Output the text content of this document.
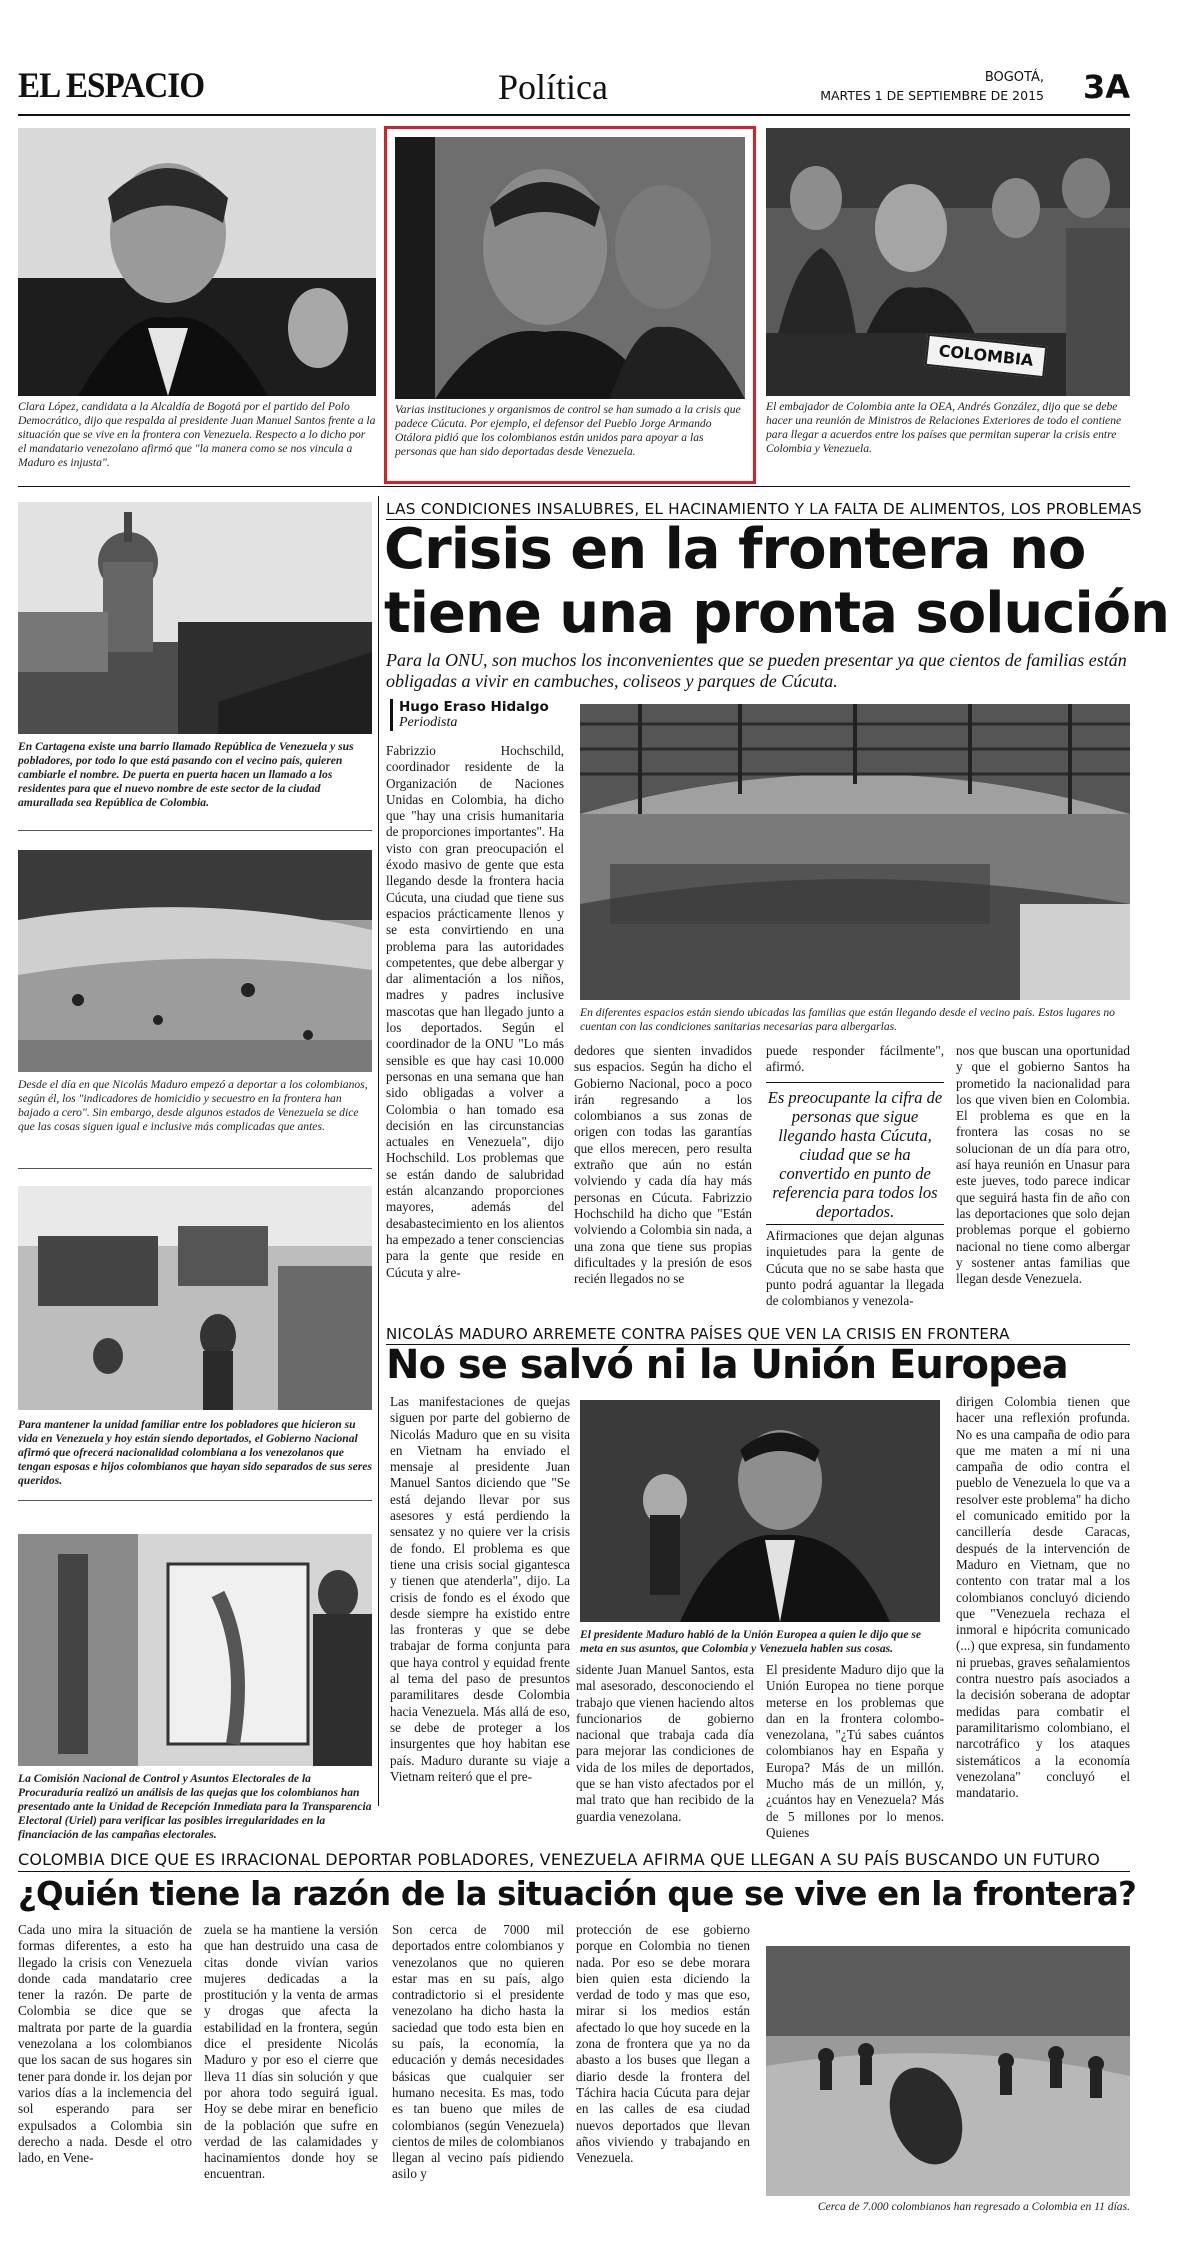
EL ESPACIO	Política	BOGOTÁ,
MARTES 1 DE SEPTIEMBRE DE 2015 3A
Clara López, candidata a la Alcaldía de Bogotá por el partido del Polo Democrático, dijo que respalda al presidente Juan Manuel Santos frente a la situación que se vive en la frontera con Venezuela. Respecto a lo dicho por el mandatario venezolano afirmó que "la manera como se nos vincula a Maduro es injusta".
Varias instituciones y organismos de control se han sumado a la crisis que padece Cúcuta. Por ejemplo, el defensor del Pueblo Jorge Armando Otálora pidió que los colombianos están unidos para apoyar a las personas que han sido deportadas desde Venezuela.
COLOMBIA
El embajador de Colombia ante la OEA, Andrés González, dijo que se debe hacer una reunión de Ministros de Relaciones Exteriores de todo el contiene para llegar a acuerdos entre los países que permitan superar la crisis entre Colombia y Venezuela.
En Cartagena existe una barrio llamado República de Venezuela y sus pobladores, por todo lo que está pasando con el vecino país, quieren cambiarle el nombre. De puerta en puerta hacen un llamado a los residentes para que el nuevo nombre de este sector de la ciudad amurallada sea República de Colombia.
Desde el día en que Nicolás Maduro empezó a deportar a los colombianos, según él, los "indicadores de homicidio y secuestro en la frontera han bajado a cero". Sin embargo, desde algunos estados de Venezuela se dice que las cosas siguen igual e inclusive más complicadas que antes.
Para mantener la unidad familiar entre los pobladores que hicieron su vida en Venezuela y hoy están siendo deportados, el Gobierno Nacional afirmó que ofrecerá nacionalidad colombiana a los venezolanos que tengan esposas e hijos colombianos que hayan sido separados de sus seres queridos.
La Comisión Nacional de Control y Asuntos Electorales de la Procuraduría realizó un análisis de las quejas que los colombianos han presentado ante la Unidad de Recepción Inmediata para la Transparencia Electoral (Uriel) para verificar las posibles irregularidades en la financiación de las campañas electorales.
LAS CONDICIONES INSALUBRES, EL HACINAMIENTO Y LA FALTA DE ALIMENTOS, LOS PROBLEMAS
Crisis en la frontera no
tiene una pronta solución
Para la ONU, son muchos los inconvenientes que se pueden presentar ya que cientos de familias están obligadas a vivir en cambuches, coliseos y parques de Cúcuta.
Hugo Eraso Hidalgo
Periodista
Fabrizzio Hochschild, coordinador residente de la Organización de Naciones Unidas en Colombia, ha dicho que "hay una crisis humanitaria de proporciones importantes". Ha visto con gran preocupación el éxodo masivo de gente que esta llegando desde la frontera hacia Cúcuta, una ciudad que tiene sus espacios prácticamente llenos y se esta convirtiendo en una problema para las autoridades competentes, que debe albergar y dar alimentación a los niños, madres y padres inclusive mascotas que han llegado junto a los deportados. Según el coordinador de la ONU "Lo más sensible es que hay casi 10.000 personas en una semana que han sido obligadas a volver a Colombia o han tomado esa decisión en las circunstancias actuales en Venezuela", dijo Hochschild. Los problemas que se están dando de salubridad están alcanzando proporciones mayores, además del desabastecimiento en los alientos ha empezado a tener consciencias para la gente que reside en Cúcuta y alre-
En diferentes espacios están siendo ubicadas las familias que están llegando desde el vecino país. Estos lugares no cuentan con las condiciones sanitarias necesarias para albergarlas.
dedores que sienten invadidos sus espacios. Según ha dicho el Gobierno Nacional, poco a poco irán regresando a los colombianos a sus zonas de origen con todas las garantías que ellos merecen, pero resulta extraño que aún no están volviendo y cada día hay más personas en Cúcuta. Fabrizzio Hochschild ha dicho que "Están volviendo a Colombia sin nada, a una zona que tiene sus propias dificultades y la presión de esos recién llegados no se
puede responder fácilmente", afirmó.
Es preocupante la cifra de personas que sigue llegando hasta Cúcuta, ciudad que se ha convertido en punto de referencia para todos los deportados.
Afirmaciones que dejan algunas inquietudes para la gente de Cúcuta que no se sabe hasta que punto podrá aguantar la llegada de colombianos y venezola-
nos que buscan una oportunidad y que el gobierno Santos ha prometido la nacionalidad para los que viven bien en Colombia. El problema es que en la frontera las cosas no se solucionan de un día para otro, así haya reunión en Unasur para este jueves, todo parece indicar que seguirá hasta fin de año con las deportaciones que solo dejan problemas porque el gobierno nacional no tiene como albergar y sostener antas familias que llegan desde Venezuela.
NICOLÁS MADURO ARREMETE CONTRA PAÍSES QUE VEN LA CRISIS EN FRONTERA
No se salvó ni la Unión Europea
Las manifestaciones de quejas siguen por parte del gobierno de Nicolás Maduro que en su visita en Vietnam ha enviado el mensaje al presidente Juan Manuel Santos diciendo que "Se está dejando llevar por sus asesores y está perdiendo la sensatez y no quiere ver la crisis de fondo. El problema es que tiene una crisis social gigantesca y tienen que atenderla", dijo. La crisis de fondo es el éxodo que desde siempre ha existido entre las fronteras y que se debe trabajar de forma conjunta para que haya control y equidad frente al tema del paso de presuntos paramilitares desde Colombia hacia Venezuela. Más allá de eso, se debe de proteger a los insurgentes que hoy habitan ese país. Maduro durante su viaje a Vietnam reiteró que el pre-
El presidente Maduro habló de la Unión Europea a quien le dijo que se meta en sus asuntos, que Colombia y Venezuela hablen sus cosas.
sidente Juan Manuel Santos, esta mal asesorado, desconociendo el trabajo que vienen haciendo altos funcionarios de gobierno nacional que trabaja cada día para mejorar las condiciones de vida de los miles de deportados, que se han visto afectados por el mal trato que han recibido de la guardia venezolana.
El presidente Maduro dijo que la Unión Europea no tiene porque meterse en los problemas que dan en la frontera colombo-venezolana, "¿Tú sabes cuántos colombianos hay en España y Europa? Más de un millón. Mucho más de un millón, y, ¿cuántos hay en Venezuela? Más de 5 millones por lo menos. Quienes
dirigen Colombia tienen que hacer una reflexión profunda. No es una campaña de odio para que me maten a mí ni una campaña de odio contra el pueblo de Venezuela lo que va a resolver este problema" ha dicho el comunicado emitido por la cancillería desde Caracas, después de la intervención de Maduro en Vietnam, que no contento con tratar mal a los colombianos concluyó diciendo que "Venezuela rechaza el inmoral e hipócrita comunicado (...) que expresa, sin fundamento ni pruebas, graves señalamientos contra nuestro país asociados a la decisión soberana de adoptar medidas para combatir el paramilitarismo colombiano, el narcotráfico y los ataques sistemáticos a la economía venezolana" concluyó el mandatario.
COLOMBIA DICE QUE ES IRRACIONAL DEPORTAR POBLADORES, VENEZUELA AFIRMA QUE LLEGAN A SU PAÍS BUSCANDO UN FUTURO
¿Quién tiene la razón de la situación que se vive en la frontera?
Cada uno mira la situación de formas diferentes, a esto ha llegado la crisis con Venezuela donde cada mandatario cree tener la razón. De parte de Colombia se dice que se maltrata por parte de la guardia venezolana a los colombianos que los sacan de sus hogares sin tener para donde ir. los dejan por varios días a la inclemencia del sol esperando para ser expulsados a Colombia sin derecho a nada. Desde el otro lado, en Vene-
zuela se ha mantiene la versión que han destruido una casa de citas donde vivían varios mujeres dedicadas a la prostitución y la venta de armas y drogas que afecta la estabilidad en la frontera, según dice el presidente Nicolás Maduro y por eso el cierre que lleva 11 días sin solución y que por ahora todo seguirá igual. Hoy se debe mirar en beneficio de la población que sufre en verdad de las calamidades y hacinamientos donde hoy se encuentran.
Son cerca de 7000 mil deportados entre colombianos y venezolanos que no quieren estar mas en su país, algo contradictorio si el presidente venezolano ha dicho hasta la saciedad que todo esta bien en su país, la economía, la educación y demás necesidades básicas que cualquier ser humano necesita. Es mas, todo es tan bueno que miles de colombianos (según Venezuela) cientos de miles de colombianos llegan al vecino país pidiendo asilo y
protección de ese gobierno porque en Colombia no tienen nada. Por eso se debe morara bien quien esta diciendo la verdad de todo y mas que eso, mirar si los medios están afectado lo que hoy sucede en la zona de frontera que ya no da abasto a los buses que llegan a diario desde la frontera del Táchira hacia Cúcuta para dejar en las calles de esa ciudad nuevos deportados que llevan años viviendo y trabajando en Venezuela.
Cerca de 7.000 colombianos han regresado a Colombia en 11 días.
